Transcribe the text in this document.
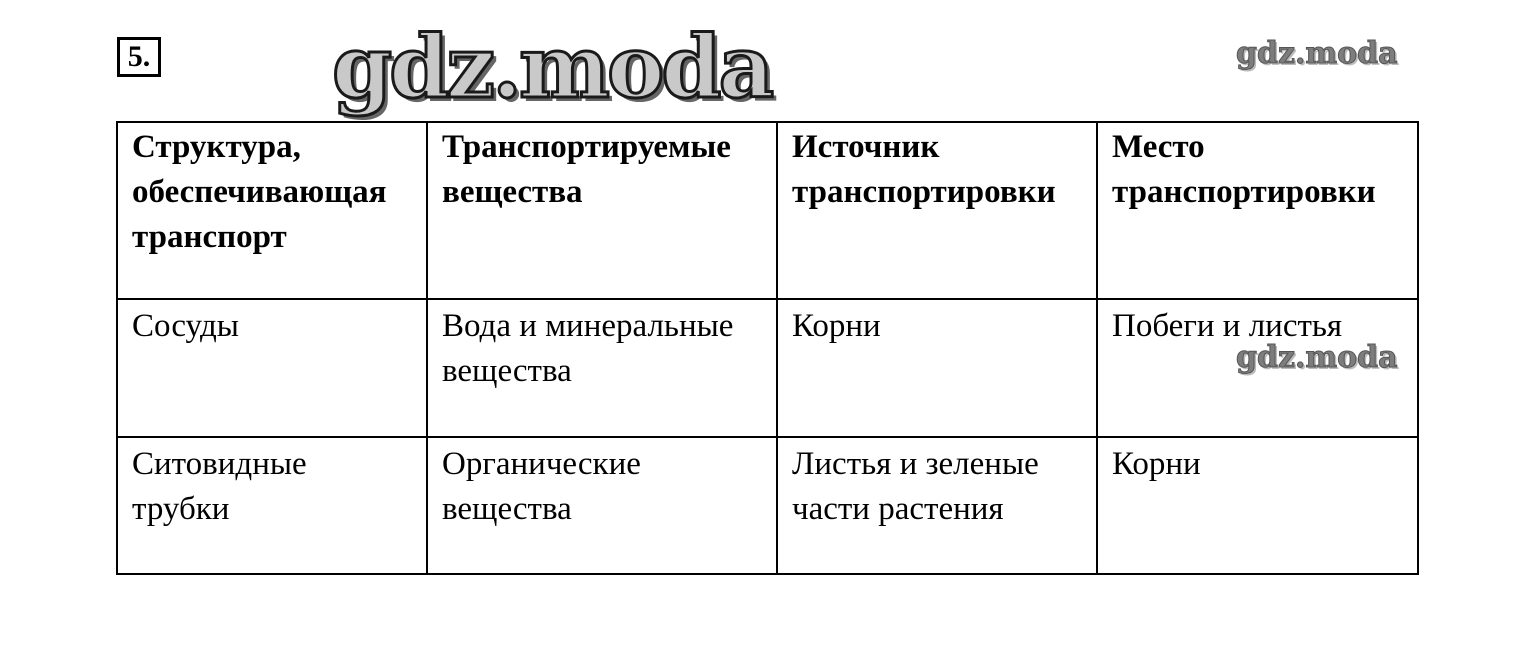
5. gdz.moda	gdz.moda
Структура, обеспечивающая транспорт	Транспортируемые вещества	Источник транспортировки	Место транспортировки
Сосуды	Вода и минеральные вещества	Корни	Побеги и листья
Ситовидные трубки	Органические вещества	Листья и зеленые части растения	Корни
gdz.moda
